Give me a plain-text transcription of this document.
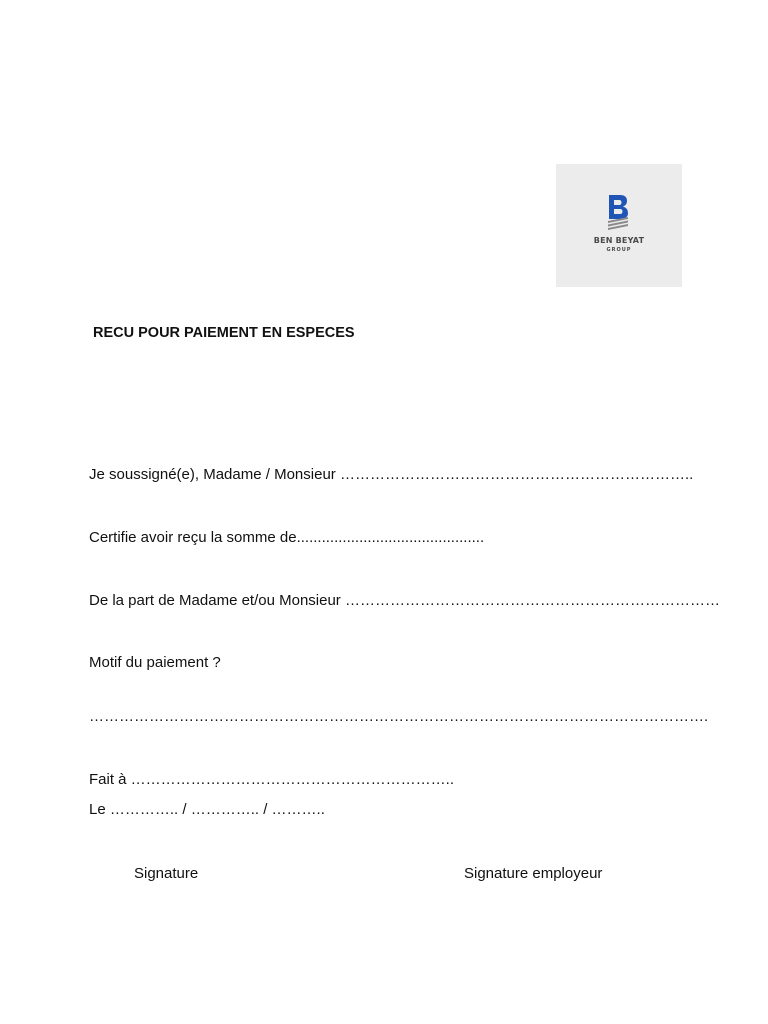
BEN BEYAT
GROUP
RECU POUR PAIEMENT EN ESPECES
Je soussigné(e), Madame / Monsieur ……………………………………………………………..
Certifie avoir reçu la somme de.............................................
De la part de Madame et/ou Monsieur …………………………………………………………………
Motif du paiement ?
…………………………………………………………………………………………………………….
Fait à ………………………………………………………..
Le ………….. / ………….. / ………..
Signature	Signature employeur
